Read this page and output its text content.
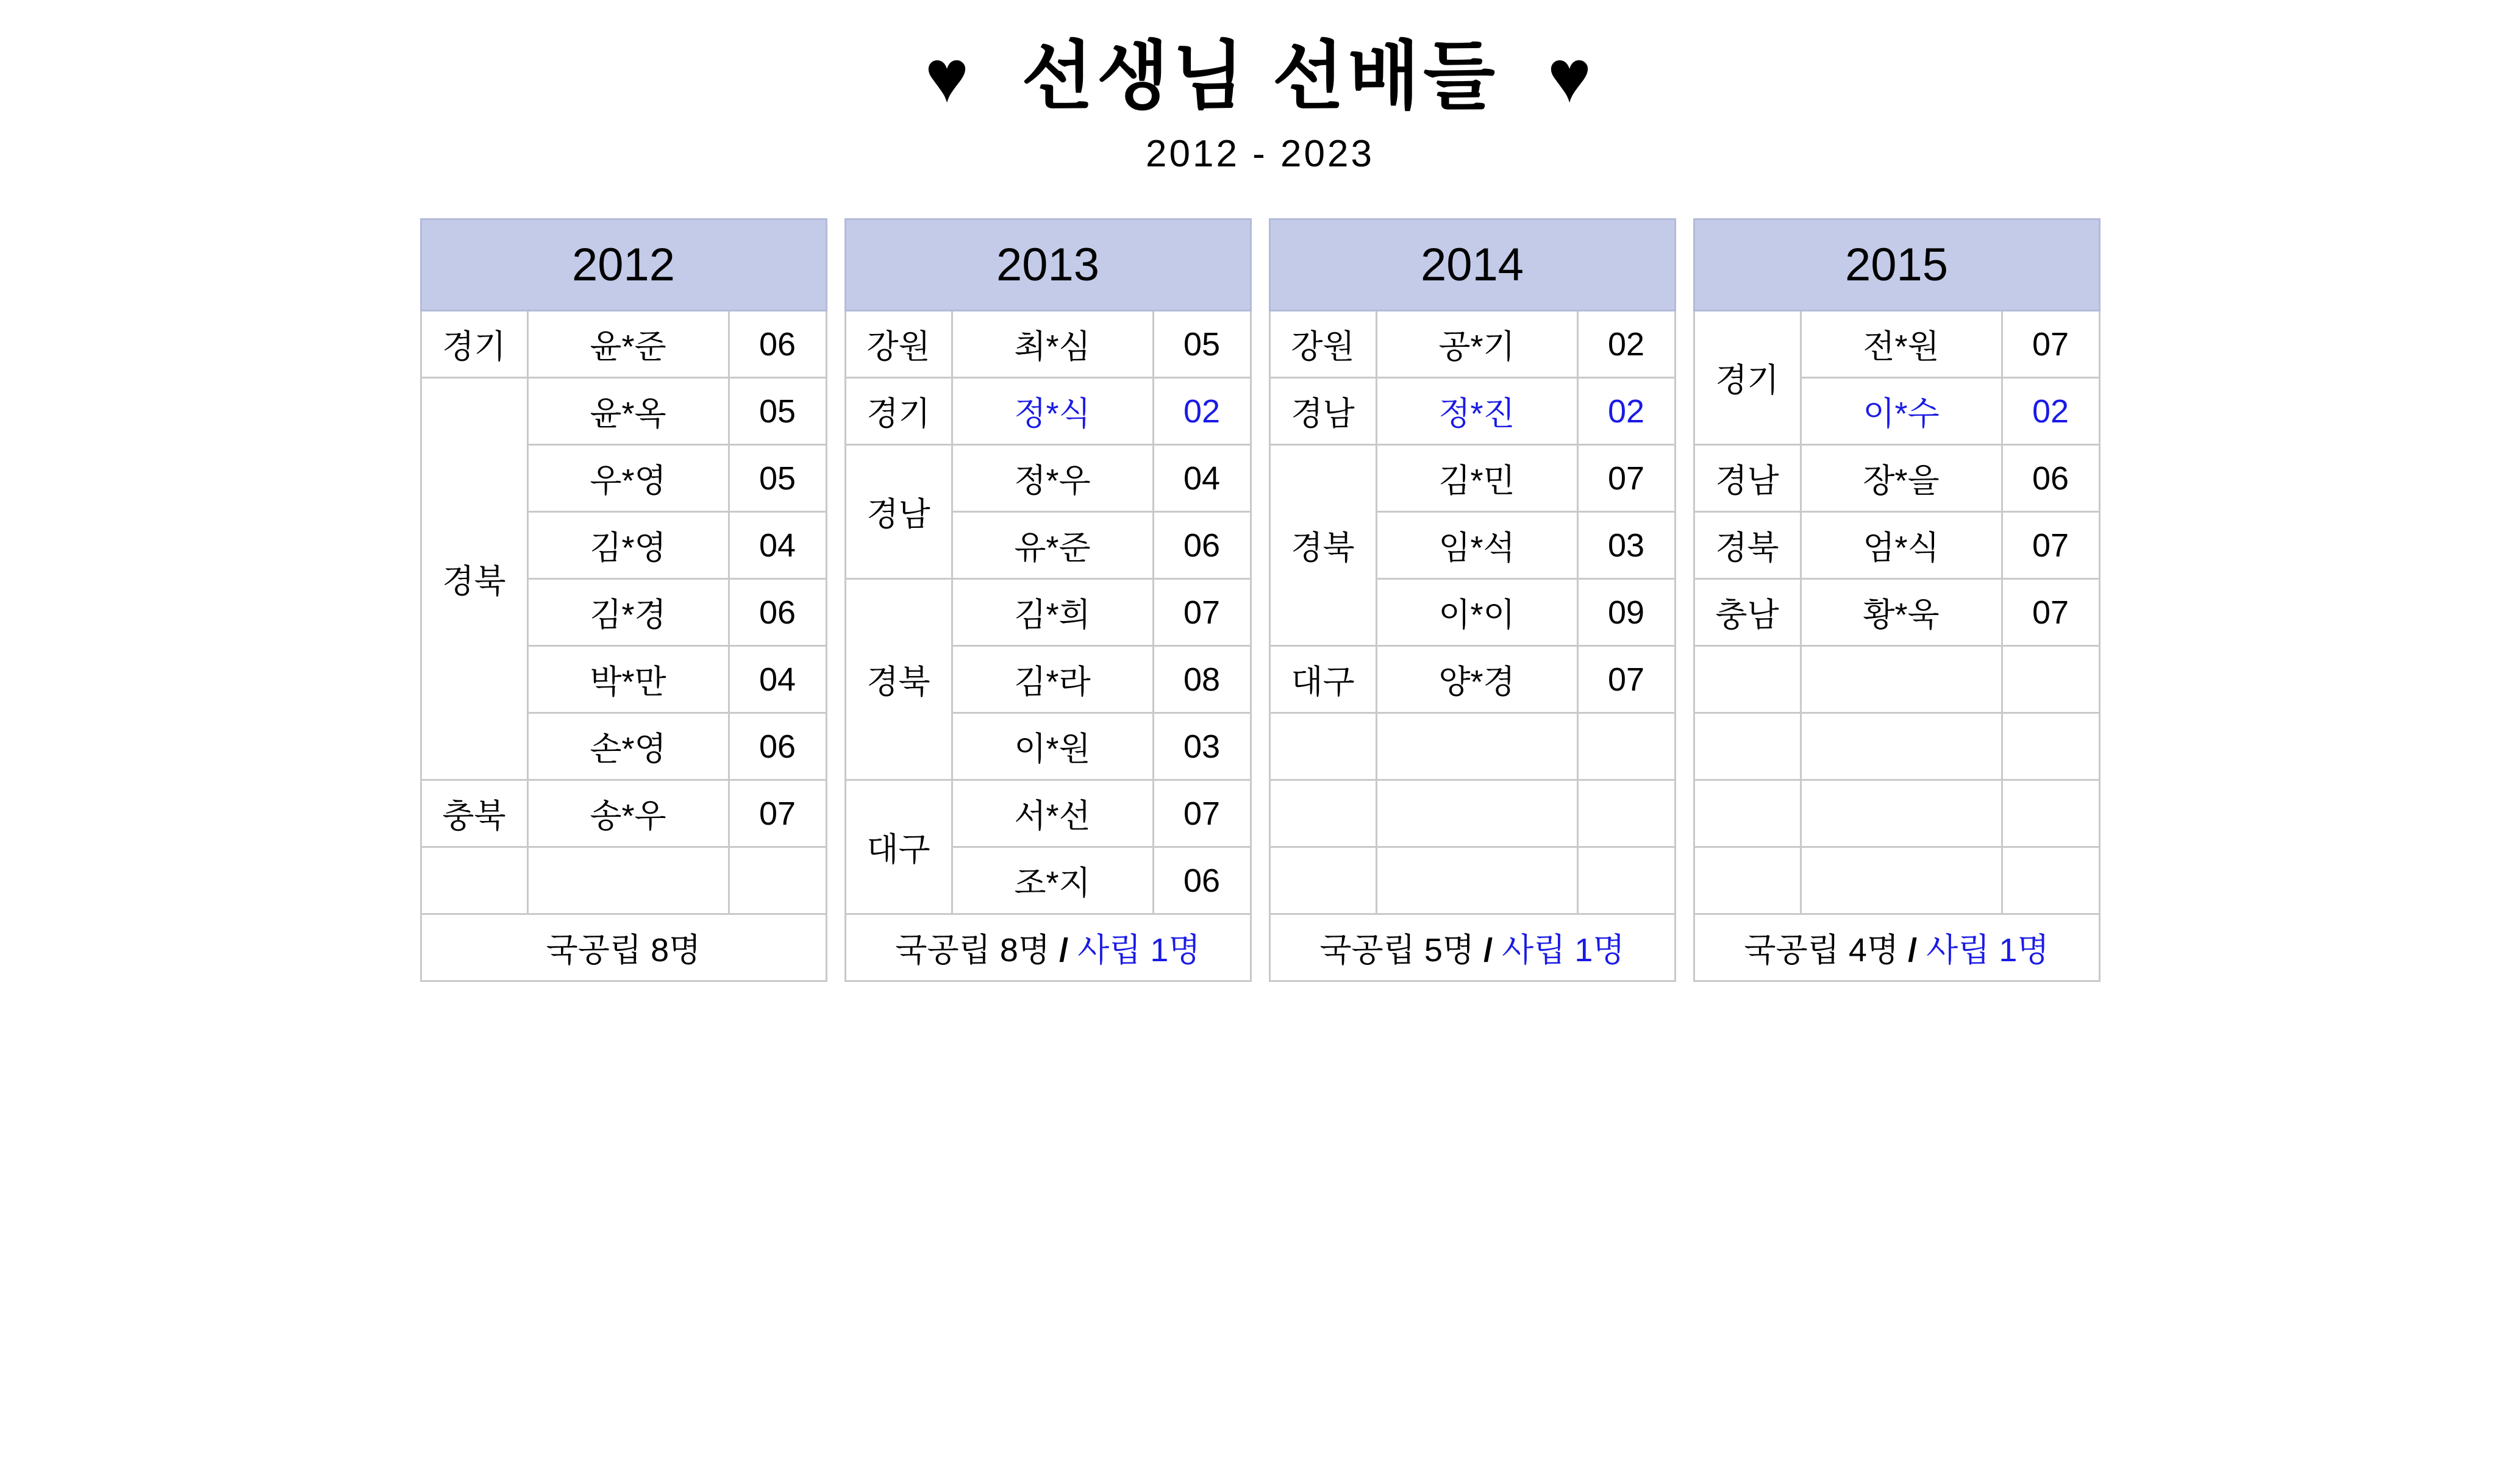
♥  선생님 선배들  ♥
2012 - 2023
2012		
경기	윤*준	06
경북	윤*옥	05
	우*영	05
	김*영	04
	김*경	06
	박*만	04
	손*영	06
충북	송*우	07

국공립 8명		
2013		
강원	최*심	05
경기	정*식	02
경남	정*우	04
	유*준	06
경북	김*희	07
	김*라	08
	이*원	03
대구	서*선	07
	조*지	06
국공립 8명 / 사립 1명		
2014		
강원	공*기	02
경남	정*진	02
경북	김*민	07
	임*석	03
	이*이	09
대구	양*경	07

국공립 5명 / 사립 1명		
2015		
경기	전*원	07
	이*수	02
경남	장*을	06
경북	엄*식	07
충남	황*욱	07

국공립 4명 / 사립 1명		
